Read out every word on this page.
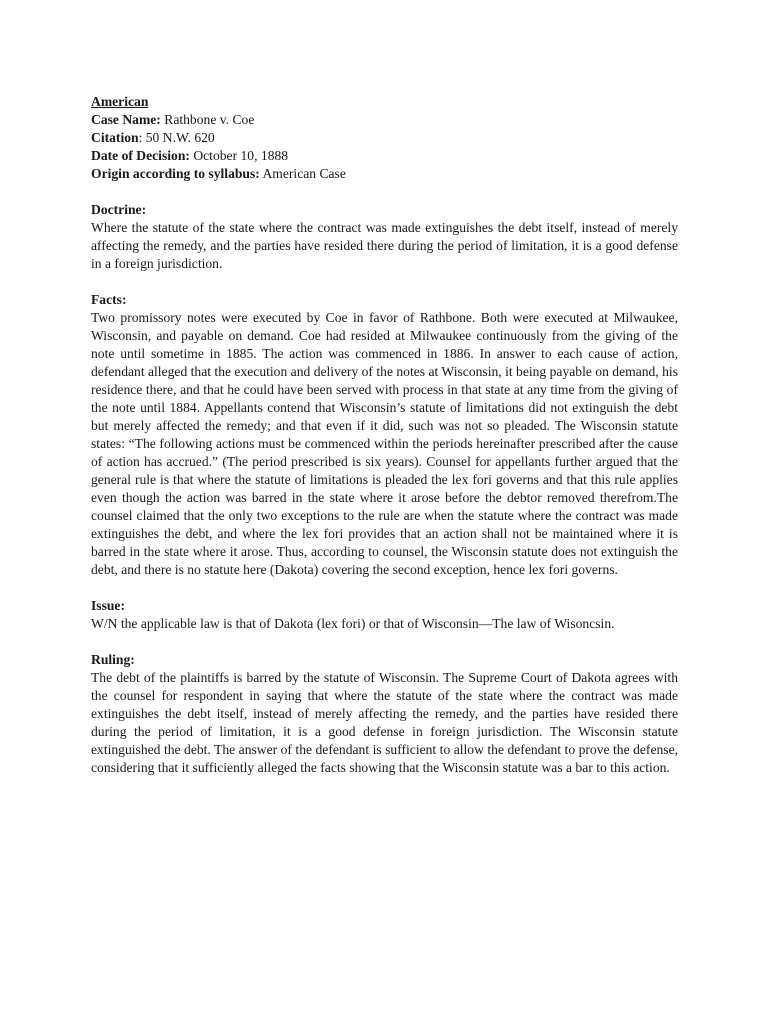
American

Case Name: Rathbone v. Coe

Citation: 50 N.W. 620

Date of Decision: October 10, 1888

Origin according to syllabus: American Case

Doctrine:

Where the statute of the state where the contract was made extinguishes the debt itself, instead of merely affecting the remedy, and the parties have resided there during the period of limitation, it is a good defense in a foreign jurisdiction.

Facts:

Two promissory notes were executed by Coe in favor of Rathbone. Both were executed at Milwaukee, Wisconsin, and payable on demand. Coe had resided at Milwaukee continuously from the giving of the note until sometime in 1885. The action was commenced in 1886. In answer to each cause of action, defendant alleged that the execution and delivery of the notes at Wisconsin, it being payable on demand, his residence there, and that he could have been served with process in that state at any time from the giving of the note until 1884. Appellants contend that Wisconsin’s statute of limitations did not extinguish the debt but merely affected the remedy; and that even if it did, such was not so pleaded. The Wisconsin statute states: “The following actions must be commenced within the periods hereinafter prescribed after the cause of action has accrued.” (The period prescribed is six years). Counsel for appellants further argued that the general rule is that where the statute of limitations is pleaded the lex fori governs and that this rule applies even though the action was barred in the state where it arose before the debtor removed therefrom.The counsel claimed that the only two exceptions to the rule are when the statute where the contract was made extinguishes the debt, and where the lex fori provides that an action shall not be maintained where it is barred in the state where it arose. Thus, according to counsel, the Wisconsin statute does not extinguish the debt, and there is no statute here (Dakota) covering the second exception, hence lex fori governs.

Issue:

W/N the applicable law is that of Dakota (lex fori) or that of Wisconsin—The law of Wisoncsin.

Ruling:

The debt of the plaintiffs is barred by the statute of Wisconsin. The Supreme Court of Dakota agrees with the counsel for respondent in saying that where the statute of the state where the contract was made extinguishes the debt itself, instead of merely affecting the remedy, and the parties have resided there during the period of limitation, it is a good defense in foreign jurisdiction. The Wisconsin statute extinguished the debt. The answer of the defendant is sufficient to allow the defendant to prove the defense, considering that it sufficiently alleged the facts showing that the Wisconsin statute was a bar to this action.
